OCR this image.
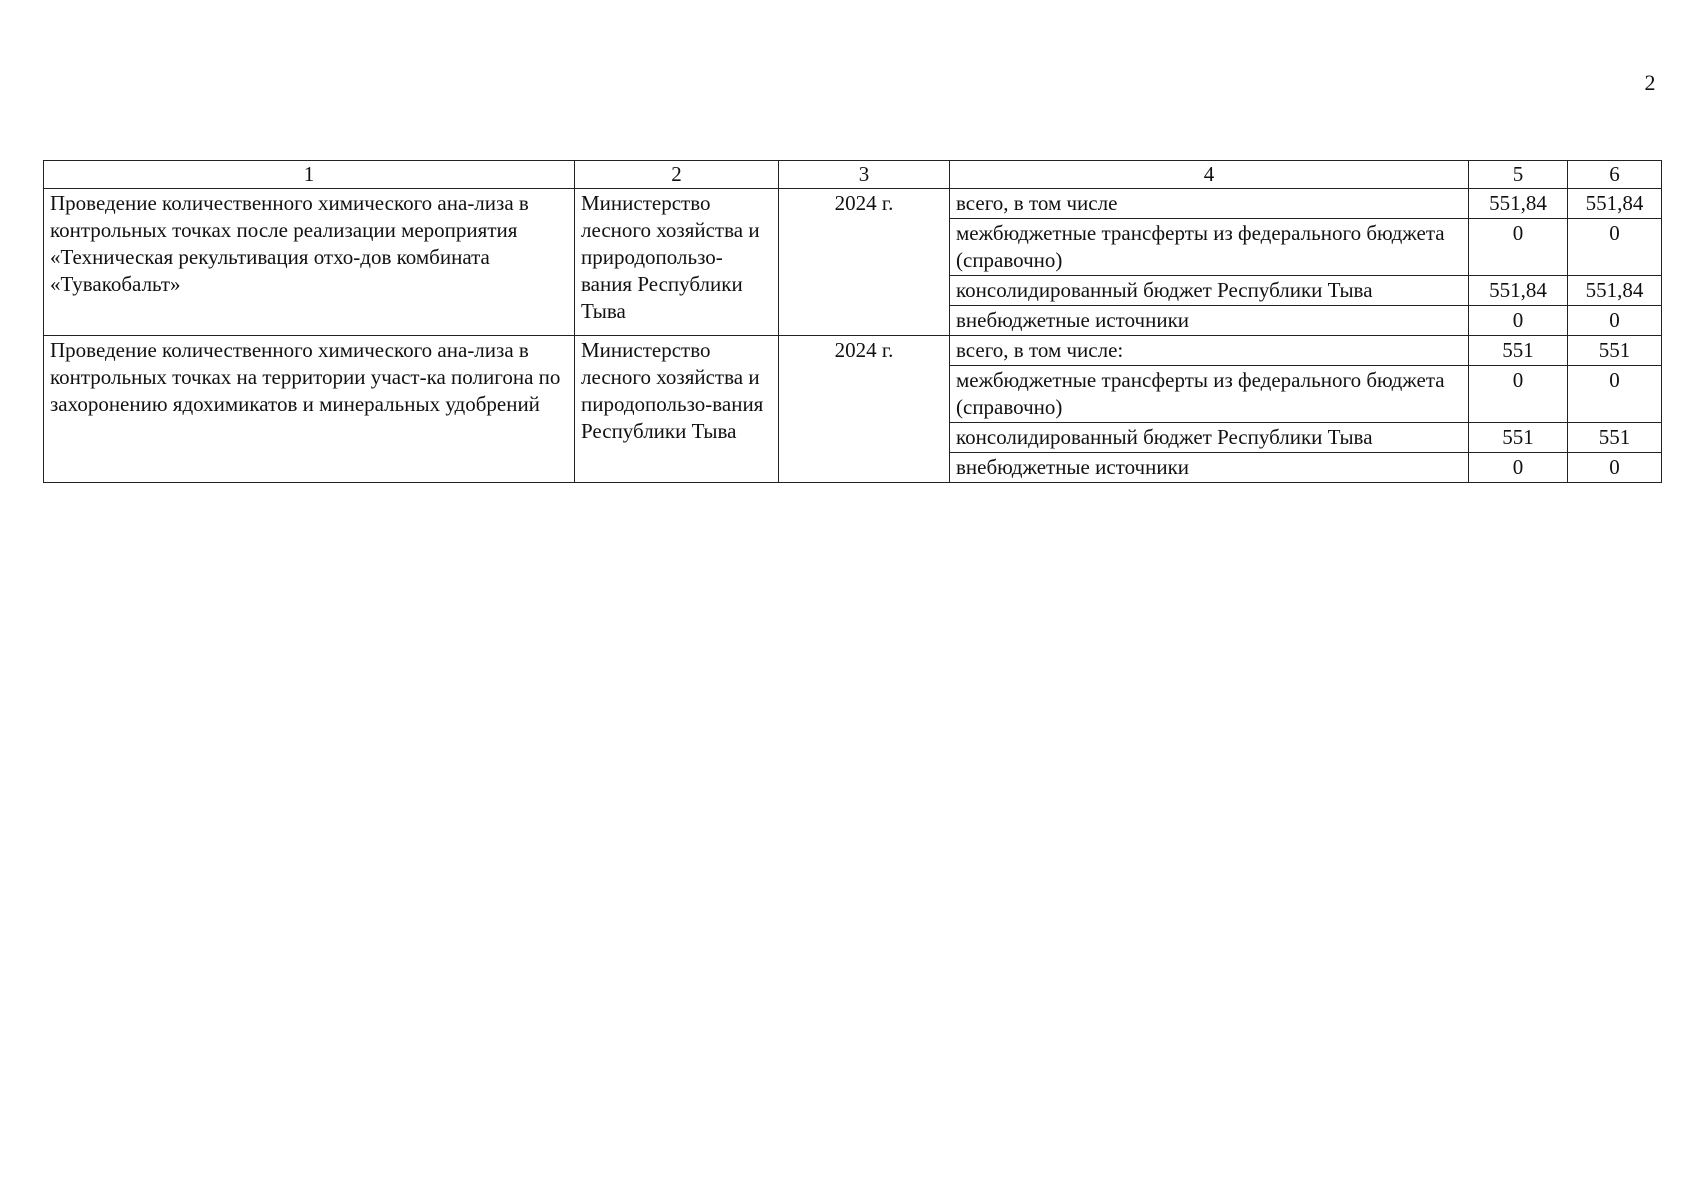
2
1	2	3	4	5	6
Проведение количественного химического ана-лиза в контрольных точках после реализации мероприятия «Техническая рекультивация отхо-дов комбината «Тувакобальт»	Министерство лесного хозяйства и природопользо-вания Республики Тыва	2024 г.	всего, в том числе	551,84	551,84
			межбюджетные трансферты из федерального бюджета (справочно)	0	0
			консолидированный бюджет Республики Тыва	551,84	551,84
			внебюджетные источники	0	0
Проведение количественного химического ана-лиза в контрольных точках на территории участ-ка полигона по захоронению ядохимикатов и минеральных удобрений	Министерство лесного хозяйства и пиродопользо-вания Республики Тыва	2024 г.	всего, в том числе:	551	551
			межбюджетные трансферты из федерального бюджета (справочно)	0	0
			консолидированный бюджет Республики Тыва	551	551
			внебюджетные источники	0	0
